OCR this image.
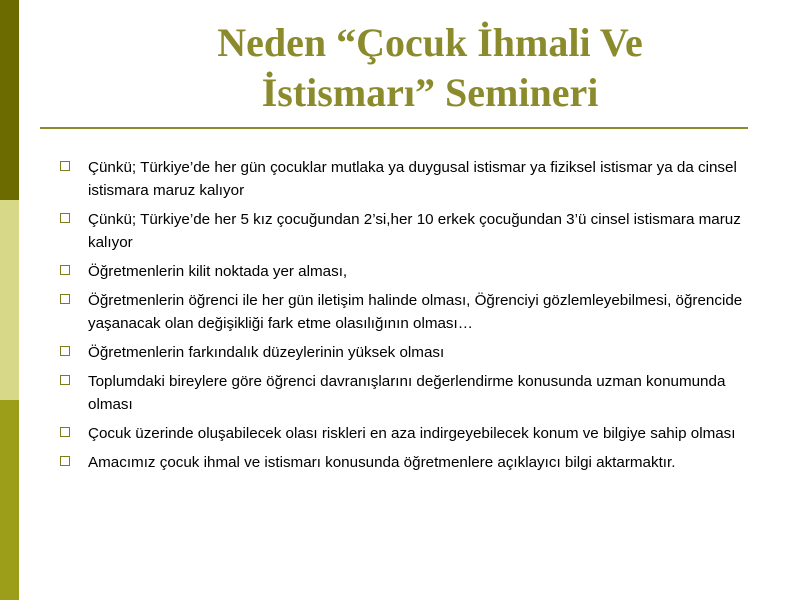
Neden “Çocuk İhmali Ve
İstismarı” Semineri
Çünkü; Türkiye’de her gün çocuklar mutlaka ya duygusal istismar ya fiziksel istismar ya da cinsel istismara maruz kalıyor
Çünkü; Türkiye’de her 5 kız çocuğundan 2’si,her 10 erkek çocuğundan 3’ü cinsel istismara maruz kalıyor
Öğretmenlerin kilit noktada yer alması,
Öğretmenlerin öğrenci ile her gün iletişim halinde olması, Öğrenciyi gözlemleyebilmesi, öğrencide yaşanacak olan değişikliği fark etme olasılığının olması…
Öğretmenlerin farkındalık düzeylerinin yüksek olması
Toplumdaki bireylere göre öğrenci davranışlarını değerlendirme konusunda uzman konumunda olması
Çocuk üzerinde oluşabilecek olası riskleri en aza indirgeyebilecek konum ve bilgiye sahip olması
Amacımız çocuk ihmal ve istismarı konusunda öğretmenlere açıklayıcı bilgi aktarmaktır.
